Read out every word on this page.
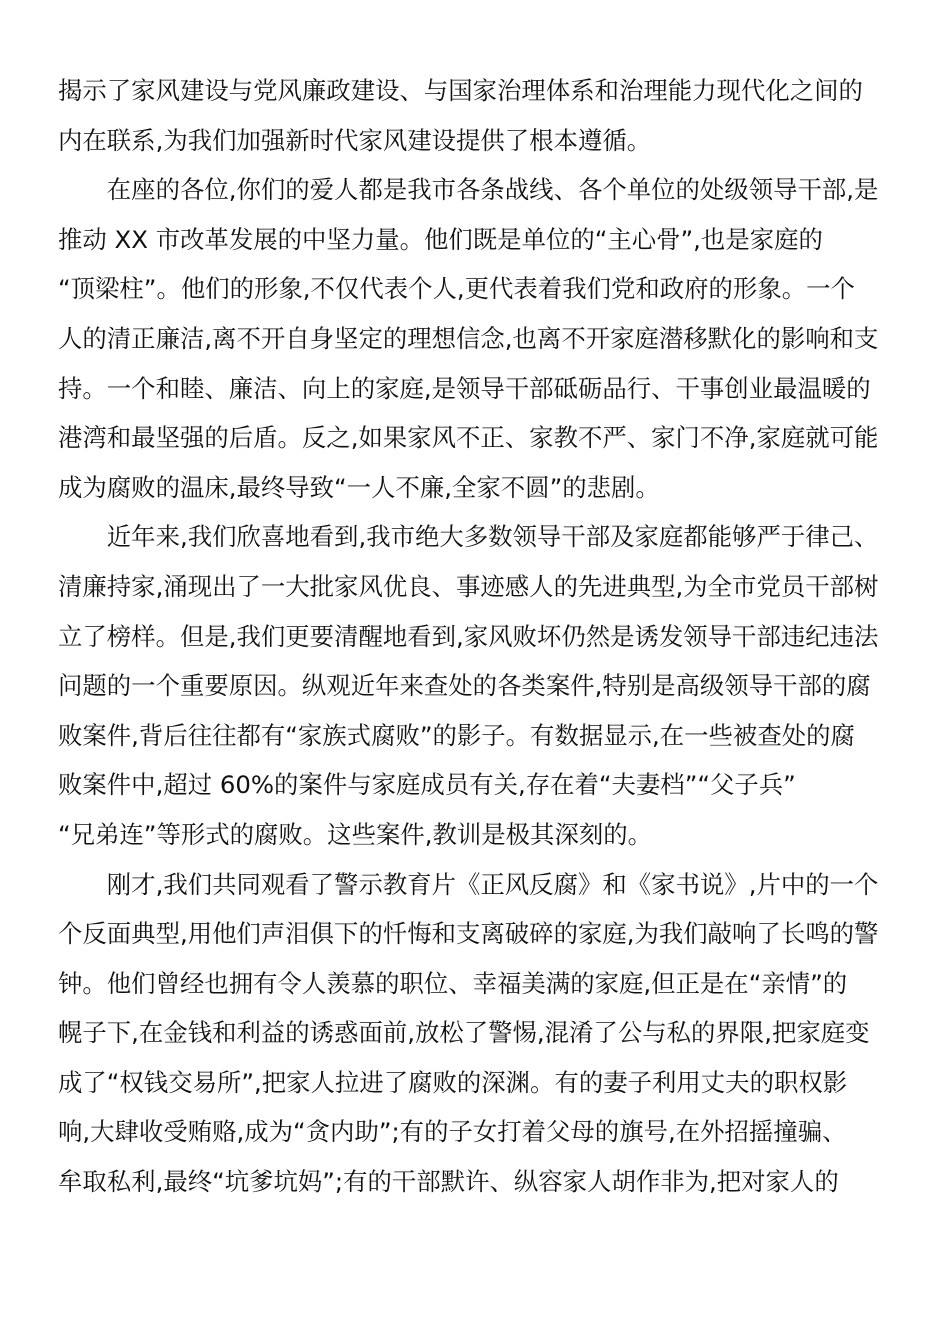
揭示了家风建设与党风廉政建设、与国家治理体系和治理能力现代化之间的
内在联系,为我们加强新时代家风建设提供了根本遵循。
　　在座的各位,你们的爱人都是我市各条战线、各个单位的处级领导干部,是
推动 XX 市改革发展的中坚力量。他们既是单位的“主心骨”,也是家庭的
“顶梁柱”。他们的形象,不仅代表个人,更代表着我们党和政府的形象。一个
人的清正廉洁,离不开自身坚定的理想信念,也离不开家庭潜移默化的影响和支
持。一个和睦、廉洁、向上的家庭,是领导干部砥砺品行、干事创业最温暖的
港湾和最坚强的后盾。反之,如果家风不正、家教不严、家门不净,家庭就可能
成为腐败的温床,最终导致“一人不廉,全家不圆”的悲剧。
　　近年来,我们欣喜地看到,我市绝大多数领导干部及家庭都能够严于律己、
清廉持家,涌现出了一大批家风优良、事迹感人的先进典型,为全市党员干部树
立了榜样。但是,我们更要清醒地看到,家风败坏仍然是诱发领导干部违纪违法
问题的一个重要原因。纵观近年来查处的各类案件,特别是高级领导干部的腐
败案件,背后往往都有“家族式腐败”的影子。有数据显示,在一些被查处的腐
败案件中,超过 60%的案件与家庭成员有关,存在着“夫妻档”“父子兵”
“兄弟连”等形式的腐败。这些案件,教训是极其深刻的。
　　刚才,我们共同观看了警示教育片《正风反腐》和《家书说》,片中的一个
个反面典型,用他们声泪俱下的忏悔和支离破碎的家庭,为我们敲响了长鸣的警
钟。他们曾经也拥有令人羡慕的职位、幸福美满的家庭,但正是在“亲情”的
幌子下,在金钱和利益的诱惑面前,放松了警惕,混淆了公与私的界限,把家庭变
成了“权钱交易所”,把家人拉进了腐败的深渊。有的妻子利用丈夫的职权影
响,大肆收受贿赂,成为“贪内助”;有的子女打着父母的旗号,在外招摇撞骗、
牟取私利,最终“坑爹坑妈”;有的干部默许、纵容家人胡作非为,把对家人的
